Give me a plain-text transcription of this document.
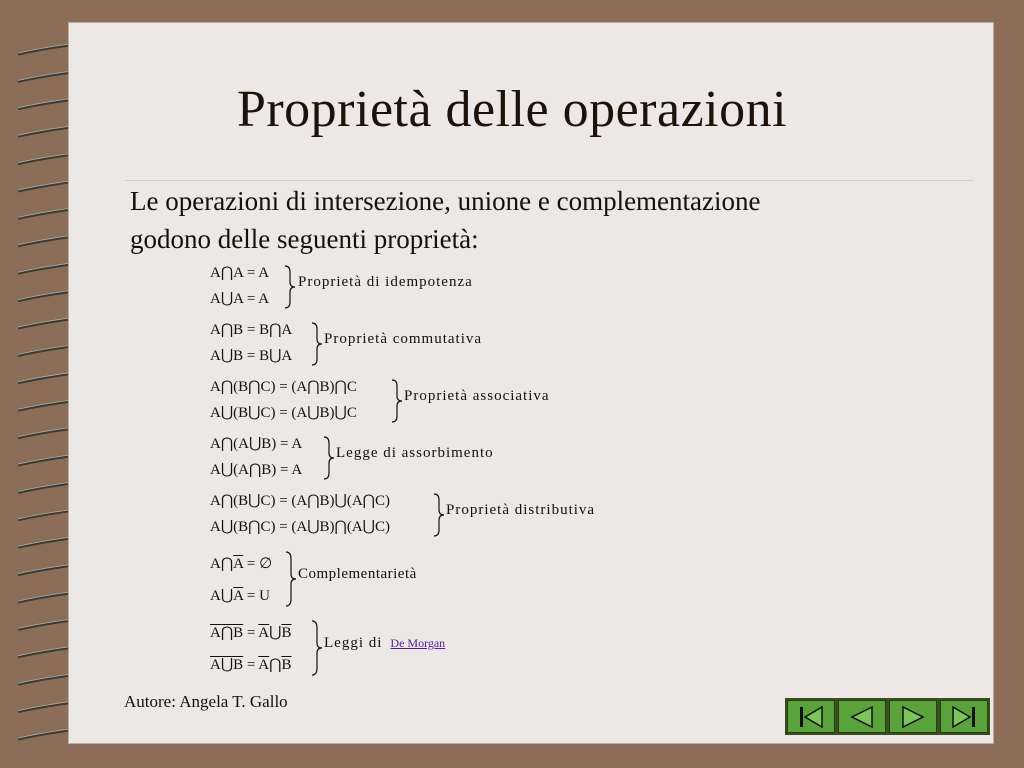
Proprietà delle operazioni
Le operazioni di intersezione, unione e complementazione
godono delle seguenti proprietà:
A⋂A = A
A⋃A = A
Proprietà di idempotenza
A⋂B = B⋂A
A⋃B = B⋃A
Proprietà commutativa
A⋂(B⋂C) = (A⋂B)⋂C
A⋃(B⋃C) = (A⋃B)⋃C
Proprietà associativa
A⋂(A⋃B) = A
A⋃(A⋂B) = A
Legge di assorbimento
A⋂(B⋃C) = (A⋂B)⋃(A⋂C)
A⋃(B⋂C) = (A⋃B)⋂(A⋃C)
Proprietà distributiva
$A⋂\overline{A}$ = ∅
$A⋃\overline{A} = U$
Complementarietà
A⋂B = $\overline{A}⋃\overline{B}$
A⋃B = $\overline{A}⋂\overline{B}$
Leggi di De Morgan
Autore: Angela T. Gallo
